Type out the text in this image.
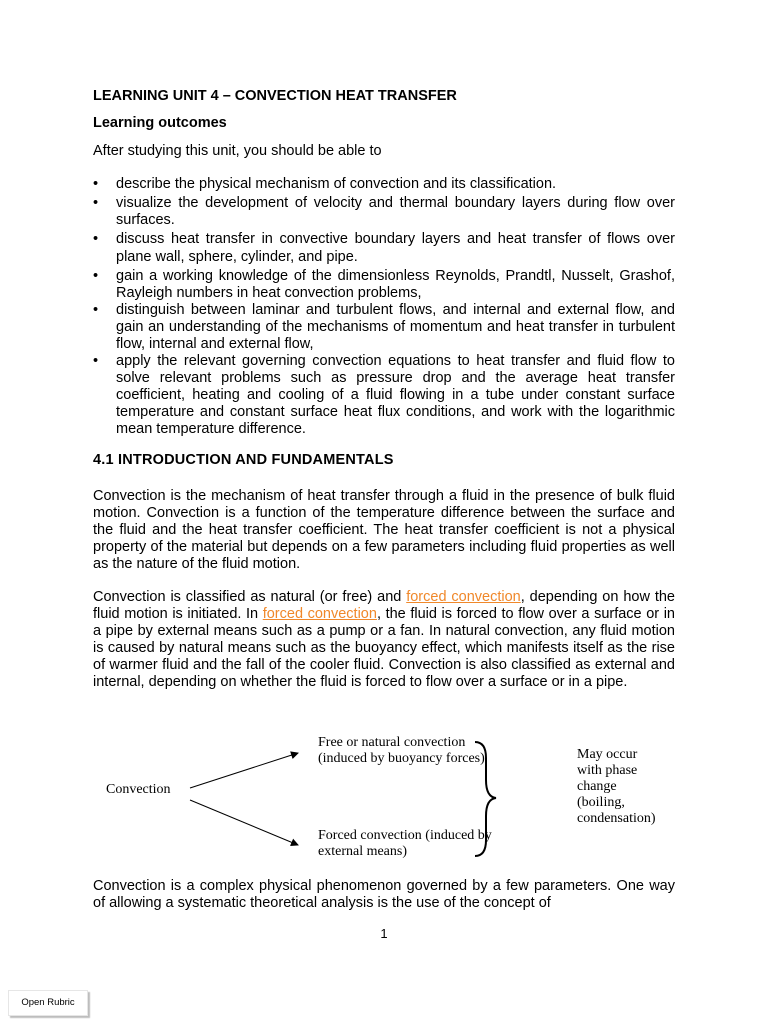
LEARNING UNIT 4 – CONVECTION HEAT TRANSFER
Learning outcomes

After studying this unit, you should be able to

• describe the physical mechanism of convection and its classification.
• visualize the development of velocity and thermal boundary layers during flow over surfaces.
• discuss heat transfer in convective boundary layers and heat transfer of flows over plane wall, sphere, cylinder, and pipe.
• gain a working knowledge of the dimensionless Reynolds, Prandtl, Nusselt, Grashof, Rayleigh numbers in heat convection problems,
• distinguish between laminar and turbulent flows, and internal and external flow, and gain an understanding of the mechanisms of momentum and heat transfer in turbulent flow, internal and external flow,
• apply the relevant governing convection equations to heat transfer and fluid flow to solve relevant problems such as pressure drop and the average heat transfer coefficient, heating and cooling of a fluid flowing in a tube under constant surface temperature and constant surface heat flux conditions, and work with the logarithmic mean temperature difference.
4.1 INTRODUCTION AND FUNDAMENTALS

Convection is the mechanism of heat transfer through a fluid in the presence of bulk fluid motion. Convection is a function of the temperature difference between the surface and the fluid and the heat transfer coefficient. The heat transfer coefficient is not a physical property of the material but depends on a few parameters including fluid properties as well as the nature of the fluid motion.

Convection is classified as natural (or free) and forced convection, depending on how the fluid motion is initiated. In forced convection, the fluid is forced to flow over a surface or in a pipe by external means such as a pump or a fan. In natural convection, any fluid motion is caused by natural means such as the buoyancy effect, which manifests itself as the rise of warmer fluid and the fall of the cooler fluid. Convection is also classified as external and internal, depending on whether the fluid is forced to flow over a surface or in a pipe.

Convection
Free or natural convection
(induced by buoyancy forces)
Forced convection (induced by
external means)
May occur
with phase
change
(boiling,
condensation)

Convection is a complex physical phenomenon governed by a few parameters. One way of allowing a systematic theoretical analysis is the use of the concept of

1
Open Rubric
